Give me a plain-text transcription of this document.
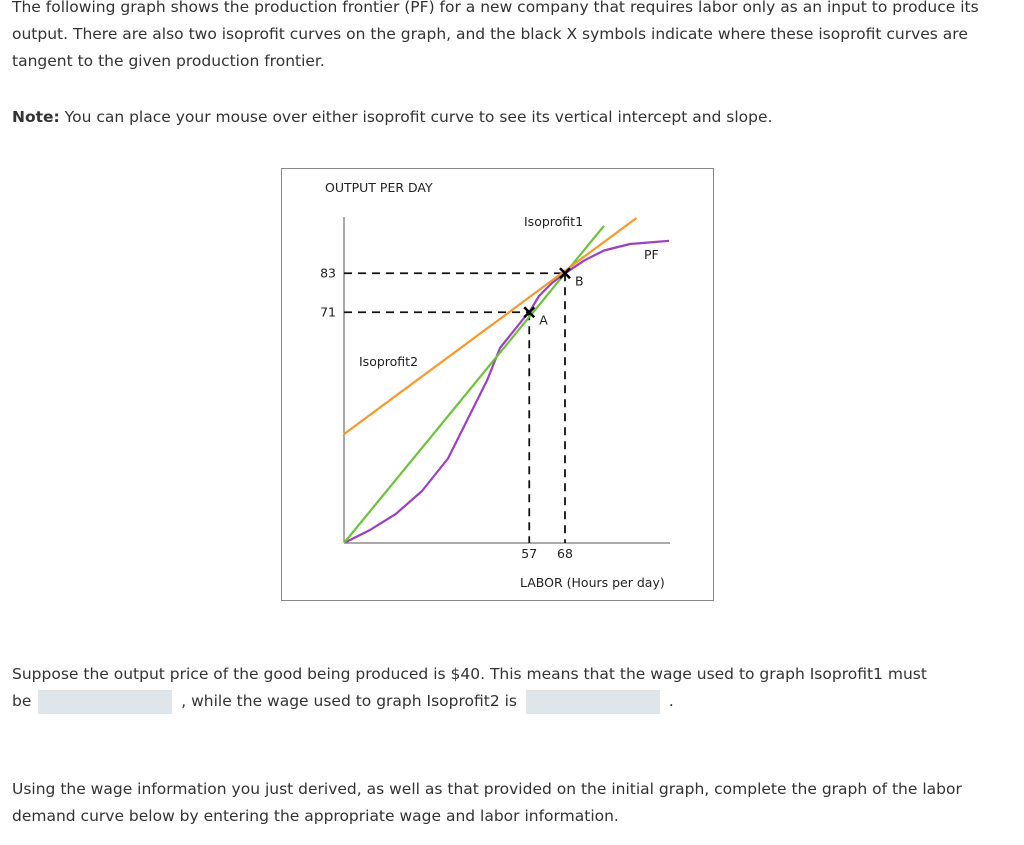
The following graph shows the production frontier (PF) for a new company that requires labor only as an input to produce its output. There are also two isoprofit curves on the graph, and the black X symbols indicate where these isoprofit curves are tangent to the given production frontier.

Note: You can place your mouse over either isoprofit curve to see its vertical intercept and slope.

OUTPUT PER DAY
LABOR (Hours per day)
PF
Isoprofit1
Isoprofit2
71
83
57 68
A
B
Suppose the output price of the good being produced is $40. This means that the wage used to graph Isoprofit1 must
be	, while the wage used to graph Isoprofit2 is	.

Using the wage information you just derived, as well as that provided on the initial graph, complete the graph of the labor demand curve below by entering the appropriate wage and labor information.
